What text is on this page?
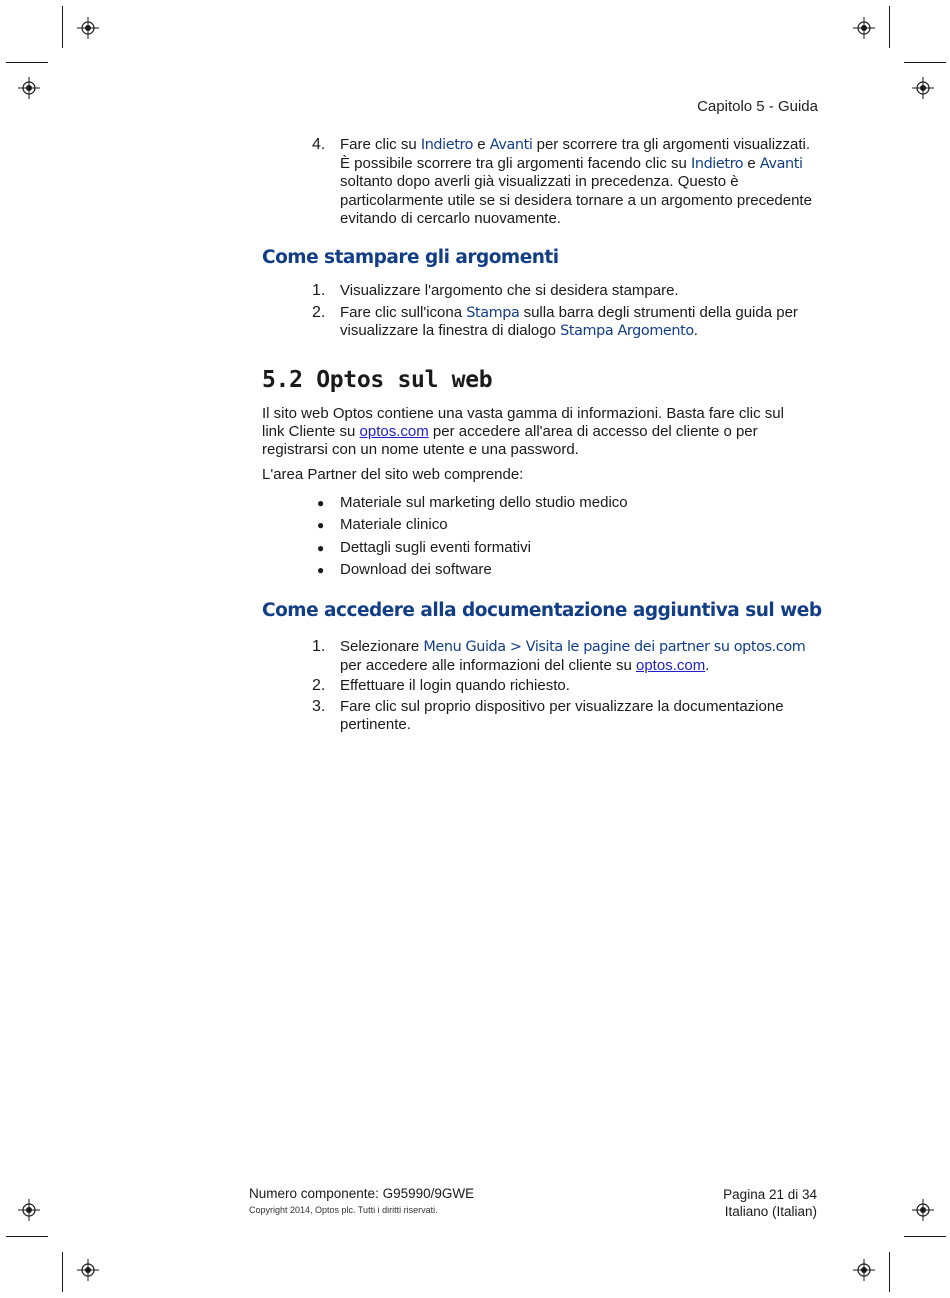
Capitolo 5 - Guida
4. Fare clic su Indietro e Avanti per scorrere tra gli argomenti visualizzati. È possibile scorrere tra gli argomenti facendo clic su Indietro e Avanti soltanto dopo averli già visualizzati in precedenza. Questo è particolarmente utile se si desidera tornare a un argomento precedente evitando di cercarlo nuovamente.
Come stampare gli argomenti
1. Visualizzare l'argomento che si desidera stampare.
2. Fare clic sull'icona Stampa sulla barra degli strumenti della guida per visualizzare la finestra di dialogo Stampa Argomento.
5.2 Optos sul web
Il sito web Optos contiene una vasta gamma di informazioni. Basta fare clic sul link Cliente su optos.com per accedere all'area di accesso del cliente o per registrarsi con un nome utente e una password.
L'area Partner del sito web comprende:
● Materiale sul marketing dello studio medico
● Materiale clinico
● Dettagli sugli eventi formativi
● Download dei software
Come accedere alla documentazione aggiuntiva sul web
1. Selezionare Menu Guida > Visita le pagine dei partner su optos.com per accedere alle informazioni del cliente su optos.com.
2. Effettuare il login quando richiesto.
3. Fare clic sul proprio dispositivo per visualizzare la documentazione pertinente.
Numero componente: G95990/9GWE
Copyright 2014, Optos plc. Tutti i diritti riservati.
Pagina 21 di 34
Italiano (Italian)
